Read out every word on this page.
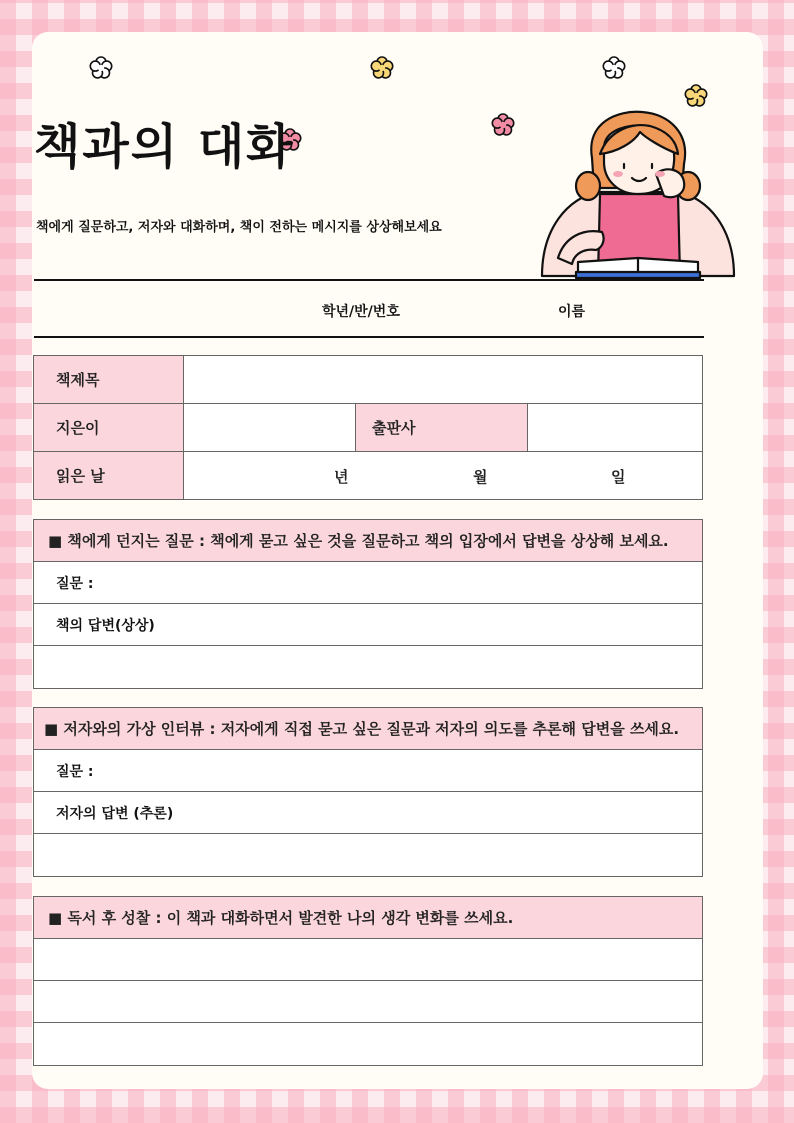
책과의 대화
책에게 질문하고, 저자와 대화하며, 책이 전하는 메시지를 상상해보세요
학년/반/번호	이름
책제목			
지은이		출판사	
읽은 날	년 월 일		
■ 책에게 던지는 질문 : 책에게 묻고 싶은 것을 질문하고 책의 입장에서 답변을 상상해 보세요.
질문 :
책의 답변(상상)
■ 저자와의 가상 인터뷰 : 저자에게 직접 묻고 싶은 질문과 저자의 의도를 추론해 답변을 쓰세요.
질문 :
저자의 답변 (추론)
■ 독서 후 성찰 : 이 책과 대화하면서 발견한 나의 생각 변화를 쓰세요.
